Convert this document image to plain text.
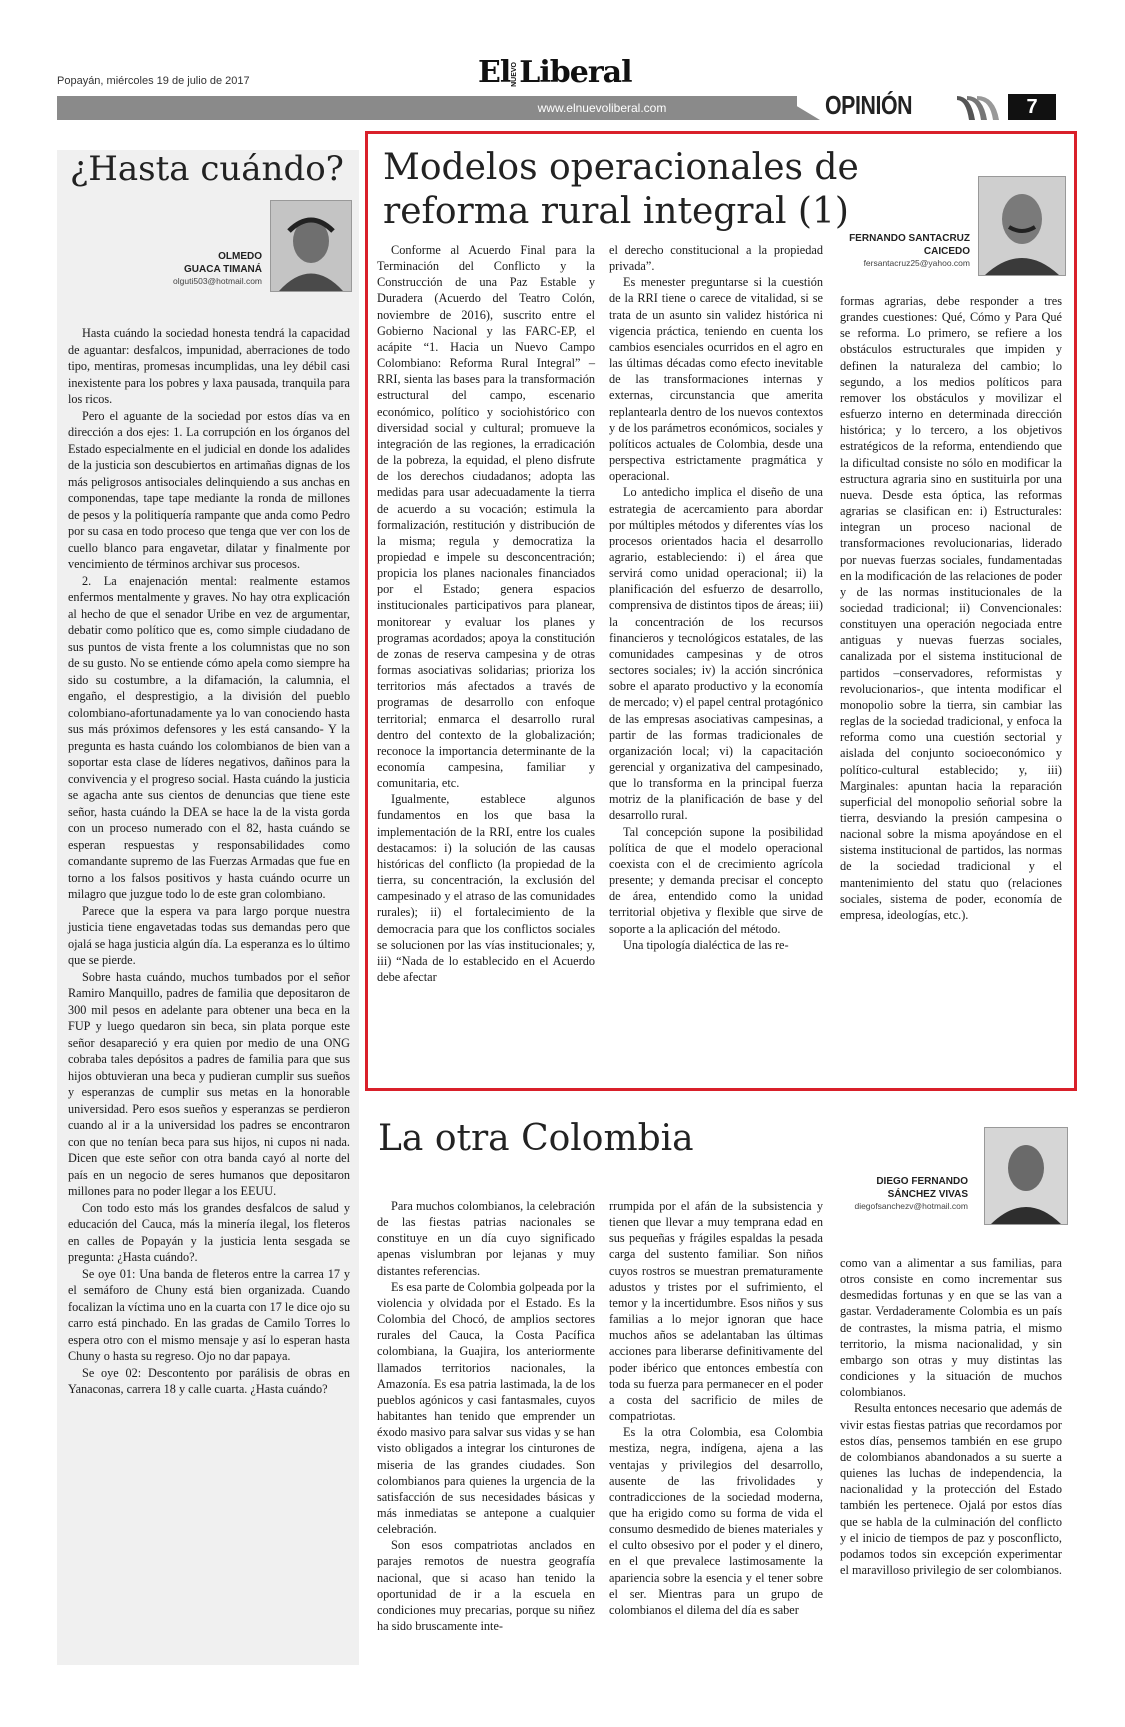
Popayán, miércoles 19 de julio de 2017	ElNUEVOLiberal
www.elnuevoliberal.com	OPINIÓN	7
¿Hasta cuándo?
OLMEDO
GUACA TIMANÁ
olguti503@hotmail.com

Hasta cuándo la sociedad honesta tendrá la capacidad de aguantar: desfalcos, impunidad, aberraciones de todo tipo, mentiras, promesas incumplidas, una ley débil casi inexistente para los pobres y laxa pausada, tranquila para los ricos.

Pero el aguante de la sociedad por estos días va en dirección a dos ejes: 1. La corrupción en los órganos del Estado especialmente en el judicial en donde los adalides de la justicia son descubiertos en artimañas dignas de los más peligrosos antisociales delinquiendo a sus anchas en componendas, tape tape mediante la ronda de millones de pesos y la politiquería rampante que anda como Pedro por su casa en todo proceso que tenga que ver con los de cuello blanco para engavetar, dilatar y finalmente por vencimiento de términos archivar sus procesos.

2. La enajenación mental: realmente estamos enfermos mentalmente y graves. No hay otra explicación al hecho de que el senador Uribe en vez de argumentar, debatir como político que es, como simple ciudadano de sus puntos de vista frente a los columnistas que no son de su gusto. No se entiende cómo apela como siempre ha sido su costumbre, a la difamación, la calumnia, el engaño, el desprestigio, a la división del pueblo colombiano-afortunadamente ya lo van conociendo hasta sus más próximos defensores y les está cansando- Y la pregunta es hasta cuándo los colombianos de bien van a soportar esta clase de líderes negativos, dañinos para la convivencia y el progreso social. Hasta cuándo la justicia se agacha ante sus cientos de denuncias que tiene este señor, hasta cuándo la DEA se hace la de la vista gorda con un proceso numerado con el 82, hasta cuándo se esperan respuestas y responsabilidades como comandante supremo de las Fuerzas Armadas que fue en torno a los falsos positivos y hasta cuándo ocurre un milagro que juzgue todo lo de este gran colombiano.

Parece que la espera va para largo porque nuestra justicia tiene engavetadas todas sus demandas pero que ojalá se haga justicia algún día. La esperanza es lo último que se pierde.

Sobre hasta cuándo, muchos tumbados por el señor Ramiro Manquillo, padres de familia que depositaron de 300 mil pesos en adelante para obtener una beca en la FUP y luego quedaron sin beca, sin plata porque este señor desapareció y era quien por medio de una ONG cobraba tales depósitos a padres de familia para que sus hijos obtuvieran una beca y pudieran cumplir sus sueños y esperanzas de cumplir sus metas en la honorable universidad. Pero esos sueños y esperanzas se perdieron cuando al ir a la universidad los padres se encontraron con que no tenían beca para sus hijos, ni cupos ni nada. Dicen que este señor con otra banda cayó al norte del país en un negocio de seres humanos que depositaron millones para no poder llegar a los EEUU.

Con todo esto más los grandes desfalcos de salud y educación del Cauca, más la minería ilegal, los fleteros en calles de Popayán y la justicia lenta sesgada se pregunta: ¿Hasta cuándo?.

Se oye 01: Una banda de fleteros entre la carrea 17 y el semáforo de Chuny está bien organizada. Cuando focalizan la víctima uno en la cuarta con 17 le dice ojo su carro está pinchado. En las gradas de Camilo Torres lo espera otro con el mismo mensaje y así lo esperan hasta Chuny o hasta su regreso. Ojo no dar papaya.

Se oye 02: Descontento por parálisis de obras en Yanaconas, carrera 18 y calle cuarta. ¿Hasta cuándo?

Modelos operacionales de
reforma rural integral (1)
FERNANDO SANTACRUZ
CAICEDO
fersantacruz25@yahoo.com

Conforme al Acuerdo Final para la Terminación del Conflicto y la Construcción de una Paz Estable y Duradera (Acuerdo del Teatro Colón, noviembre de 2016), suscrito entre el Gobierno Nacional y las FARC-EP, el acápite “1. Hacia un Nuevo Campo Colombiano: Reforma Rural Integral” – RRI, sienta las bases para la transformación estructural del campo, escenario económico, político y sociohistórico con diversidad social y cultural; promueve la integración de las regiones, la erradicación de la pobreza, la equidad, el pleno disfrute de los derechos ciudadanos; adopta las medidas para usar adecuadamente la tierra de acuerdo a su vocación; estimula la formalización, restitución y distribución de la misma; regula y democratiza la propiedad e impele su desconcentración; propicia los planes nacionales financiados por el Estado; genera espacios institucionales participativos para planear, monitorear y evaluar los planes y programas acordados; apoya la constitución de zonas de reserva campesina y de otras formas asociativas solidarias; prioriza los territorios más afectados a través de programas de desarrollo con enfoque territorial; enmarca el desarrollo rural dentro del contexto de la globalización; reconoce la importancia determinante de la economía campesina, familiar y comunitaria, etc.

Igualmente, establece algunos fundamentos en los que basa la implementación de la RRI, entre los cuales destacamos: i) la solución de las causas históricas del conflicto (la propiedad de la tierra, su concentración, la exclusión del campesinado y el atraso de las comunidades rurales); ii) el fortalecimiento de la democracia para que los conflictos sociales se solucionen por las vías institucionales; y, iii) “Nada de lo establecido en el Acuerdo debe afectar

el derecho constitucional a la propiedad privada”.

Es menester preguntarse si la cuestión de la RRI tiene o carece de vitalidad, si se trata de un asunto sin validez histórica ni vigencia práctica, teniendo en cuenta los cambios esenciales ocurridos en el agro en las últimas décadas como efecto inevitable de las transformaciones internas y externas, circunstancia que amerita replantearla dentro de los nuevos contextos y de los parámetros económicos, sociales y políticos actuales de Colombia, desde una perspectiva estrictamente pragmática y operacional.

Lo antedicho implica el diseño de una estrategia de acercamiento para abordar por múltiples métodos y diferentes vías los procesos orientados hacia el desarrollo agrario, estableciendo: i) el área que servirá como unidad operacional; ii) la planificación del esfuerzo de desarrollo, comprensiva de distintos tipos de áreas; iii) la concentración de los recursos financieros y tecnológicos estatales, de las comunidades campesinas y de otros sectores sociales; iv) la acción sincrónica sobre el aparato productivo y la economía de mercado; v) el papel central protagónico de las empresas asociativas campesinas, a partir de las formas tradicionales de organización local; vi) la capacitación gerencial y organizativa del campesinado, que lo transforma en la principal fuerza motriz de la planificación de base y del desarrollo rural.

Tal concepción supone la posibilidad política de que el modelo operacional coexista con el de crecimiento agrícola presente; y demanda precisar el concepto de área, entendido como la unidad territorial objetiva y flexible que sirve de soporte a la aplicación del método.

Una tipología dialéctica de las re-

formas agrarias, debe responder a tres grandes cuestiones: Qué, Cómo y Para Qué se reforma. Lo primero, se refiere a los obstáculos estructurales que impiden y definen la naturaleza del cambio; lo segundo, a los medios políticos para remover los obstáculos y movilizar el esfuerzo interno en determinada dirección histórica; y lo tercero, a los objetivos estratégicos de la reforma, entendiendo que la dificultad consiste no sólo en modificar la estructura agraria sino en sustituirla por una nueva. Desde esta óptica, las reformas agrarias se clasifican en: i) Estructurales: integran un proceso nacional de transformaciones revolucionarias, liderado por nuevas fuerzas sociales, fundamentadas en la modificación de las relaciones de poder y de las normas institucionales de la sociedad tradicional; ii) Convencionales: constituyen una operación negociada entre antiguas y nuevas fuerzas sociales, canalizada por el sistema institucional de partidos –conservadores, reformistas y revolucionarios-, que intenta modificar el monopolio sobre la tierra, sin cambiar las reglas de la sociedad tradicional, y enfoca la reforma como una cuestión sectorial y aislada del conjunto socioeconómico y político-cultural establecido; y, iii) Marginales: apuntan hacia la reparación superficial del monopolio señorial sobre la tierra, desviando la presión campesina o nacional sobre la misma apoyándose en el sistema institucional de partidos, las normas de la sociedad tradicional y el mantenimiento del statu quo (relaciones sociales, sistema de poder, economía de empresa, ideologías, etc.).

La otra Colombia
DIEGO FERNANDO
SÁNCHEZ VIVAS
diegofsanchezv@hotmail.com

Para muchos colombianos, la celebración de las fiestas patrias nacionales se constituye en un día cuyo significado apenas vislumbran por lejanas y muy distantes referencias.

Es esa parte de Colombia golpeada por la violencia y olvidada por el Estado. Es la Colombia del Chocó, de amplios sectores rurales del Cauca, la Costa Pacífica colombiana, la Guajira, los anteriormente llamados territorios nacionales, la Amazonía. Es esa patria lastimada, la de los pueblos agónicos y casi fantasmales, cuyos habitantes han tenido que emprender un éxodo masivo para salvar sus vidas y se han visto obligados a integrar los cinturones de miseria de las grandes ciudades. Son colombianos para quienes la urgencia de la satisfacción de sus necesidades básicas y más inmediatas se antepone a cualquier celebración.

Son esos compatriotas anclados en parajes remotos de nuestra geografía nacional, que si acaso han tenido la oportunidad de ir a la escuela en condiciones muy precarias, porque su niñez ha sido bruscamente inte-

rrumpida por el afán de la subsistencia y tienen que llevar a muy temprana edad en sus pequeñas y frágiles espaldas la pesada carga del sustento familiar. Son niños cuyos rostros se muestran prematuramente adustos y tristes por el sufrimiento, el temor y la incertidumbre. Esos niños y sus familias a lo mejor ignoran que hace muchos años se adelantaban las últimas acciones para liberarse definitivamente del poder ibérico que entonces embestía con toda su fuerza para permanecer en el poder a costa del sacrificio de miles de compatriotas.

Es la otra Colombia, esa Colombia mestiza, negra, indígena, ajena a las ventajas y privilegios del desarrollo, ausente de las frivolidades y contradicciones de la sociedad moderna, que ha erigido como su forma de vida el consumo desmedido de bienes materiales y el culto obsesivo por el poder y el dinero, en el que prevalece lastimosamente la apariencia sobre la esencia y el tener sobre el ser. Mientras para un grupo de colombianos el dilema del día es saber

como van a alimentar a sus familias, para otros consiste en como incrementar sus desmedidas fortunas y en que se las van a gastar. Verdaderamente Colombia es un país de contrastes, la misma patria, el mismo territorio, la misma nacionalidad, y sin embargo son otras y muy distintas las condiciones y la situación de muchos colombianos.

Resulta entonces necesario que además de vivir estas fiestas patrias que recordamos por estos días, pensemos también en ese grupo de colombianos abandonados a su suerte a quienes las luchas de independencia, la nacionalidad y la protección del Estado también les pertenece. Ojalá por estos días que se habla de la culminación del conflicto y el inicio de tiempos de paz y posconflicto, podamos todos sin excepción experimentar el maravilloso privilegio de ser colombianos.
